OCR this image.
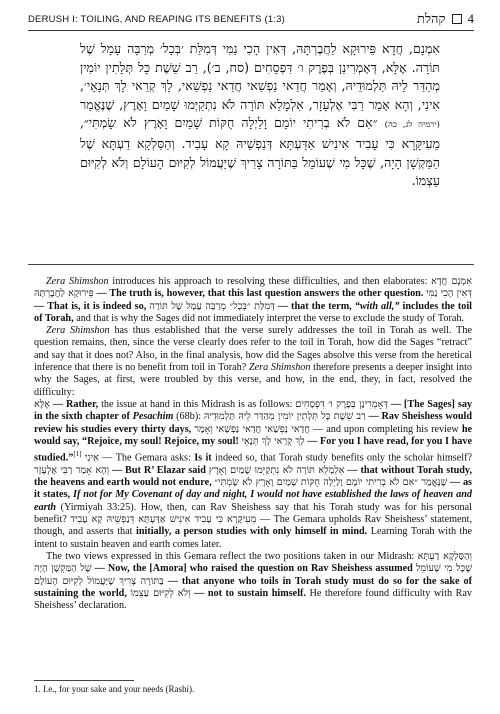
DERUSH I: TOILING, AND REAPING ITS BENEFITS (1:3)	קהלת 4

אִמְנָם, חֲדָא פֵּירוּקָא לַחֲבֶרְתָּהּ, דְּאִין הָכִי נַמִּי דְּמִלַּת ׳בְּכָל׳ מְרַבָּה עָמָל שֶׁל תּוֹרָה. אֶלָּא, דְּאָמְרִינַן בְּפֶרֶק ו׳ דִּפְסָחִים (סח, ב׳), רַב שֵׁשֶׁת כָּל תְּלָתִין יוֹמִין מְהַדַּר לֵיהּ תַּלְמוּדֵיהּ, וְאָמַר חֲדַאי נַפְשַׁאי חֲדַאי נַפְשַׁאי, לָךְ קְרַאי לָךְ תְּנָאֵי׳, אִינִי, וְהָא אָמַר רַבִּי אֶלְעָזָר, אִלְמָלֵא תּוֹרָה לֹא נִתְקַיְּמוּ שָׁמַיִם וָאָרֶץ, שֶׁנֶּאֱמַר (ירמיה לג, כה) ״אִם לֹא בְרִיתִי יוֹמָם וָלַיְלָה חֻקּוֹת שָׁמַיִם וָאָרֶץ לֹא שָׂמְתִּי״, מֵעִיקָּרָא כִּי עָבִיד אִינִישׁ אַדַּעְתָּא דְּנַפְשֵׁיהּ קָא עָבִיד. וְהַסַּלְקָא דַעְתָּא שֶׁל הַמַּקְשָׁן הָיָה, שֶׁכָּל מִי שֶׁעוֹמֵל בַּתּוֹרָה צָרִיךְ שֶׁיַּעֲמוֹל לְקִיּוּם הָעוֹלָם וְלֹא לְקִיּוּם עַצְמוֹ.

Zera Shimshon introduces his approach to resolving these difficulties, and then elaborates: אִמְנָם חֲדָא פֵּירוּקָא לַחֲבֶרְתָּהּ — The truth is, however, that this last question answers the other question. דְּאִין הָכִי נַמִּי — That is, it is indeed so, דְּמִלַּת ״בְּכָל״ מְרַבָּה עָמָל שֶׁל תּוֹרָה — that the term, “with all,” includes the toil of Torah, and that is why the Sages did not immediately interpret the verse to exclude the study of Torah.

Zera Shimshon has thus established that the verse surely addresses the toil in Torah as well. The question remains, then, since the verse clearly does refer to the toil in Torah, how did the Sages “retract” and say that it does not? Also, in the final analysis, how did the Sages absolve this verse from the heretical inference that there is no benefit from toil in Torah? Zera Shimshon therefore presents a deeper insight into why the Sages, at first, were troubled by this verse, and how, in the end, they, in fact, resolved the difficulty:

אֶלָּא — Rather, the issue at hand in this Midrash is as follows: דְּאָמְרִינַן בְּפֶרֶק ו׳ דִּפְסָחִים — [The Sages] say in the sixth chapter of Pesachim (68b): רַב שֵׁשֶׁת כָּל תְּלָתִין יוֹמִין מְהַדַּר לֵיהּ תַּלְמוּדֵיהּ — Rav Sheishess would review his studies every thirty days, וְאָמַר חֲדַאי נַפְשַׁאי חֲדַאי נַפְשַׁאי — and upon completing his review he would say, “Rejoice, my soul! Rejoice, my soul! לָךְ קְרַאי לָךְ תְּנָאֵי — For you I have read, for you I have studied.”[1] אִינִי — The Gemara asks: Is it indeed so, that Torah study benefits only the scholar himself? וְהָא אָמַר רַבִּי אֶלְעָזָר — But R’ Elazar said אִלְמָלֵא תּוֹרָה לֹא נִתְקַיְּמוּ שָׁמַיִם וָאָרֶץ — that without Torah study, the heavens and earth would not endure, שֶׁנֶּאֱמַר ״אִם לֹא בְרִיתִי יוֹמָם וָלַיְלָה חֻקּוֹת שָׁמַיִם וָאָרֶץ לֹא שָׂמְתִּי״ — as it states, If not for My Covenant of day and night, I would not have established the laws of heaven and earth (Yirmiyah 33:25). How, then, can Rav Sheishess say that his Torah study was for his personal benefit? מֵעִיקָּרָא כִּי עָבִיד אִינִישׁ אַדַּעְתָּא דְּנַפְשֵׁיהּ קָא עָבִיד — The Gemara upholds Rav Sheishess’ statement, though, and asserts that initially, a person studies with only himself in mind. Learning Torah with the intent to sustain heaven and earth comes later.

The two views expressed in this Gemara reflect the two positions taken in our Midrash: וְהַסַּלְקָא דַעְתָּא שֶׁל הַמַּקְשָׁן הָיָה — Now, the [Amora] who raised the question on Rav Sheishess assumed שֶׁכָּל מִי שֶׁעוֹמֵל בַּתּוֹרָה צָרִיךְ שֶׁיַּעֲמוֹל לְקִיּוּם הָעוֹלָם — that anyone who toils in Torah study must do so for the sake of sustaining the world, וְלֹא לְקִיּוּם עַצְמוֹ — not to sustain himself. He therefore found difficulty with Rav Sheishess’ declaration.

1. I.e., for your sake and your needs (Rashi).
